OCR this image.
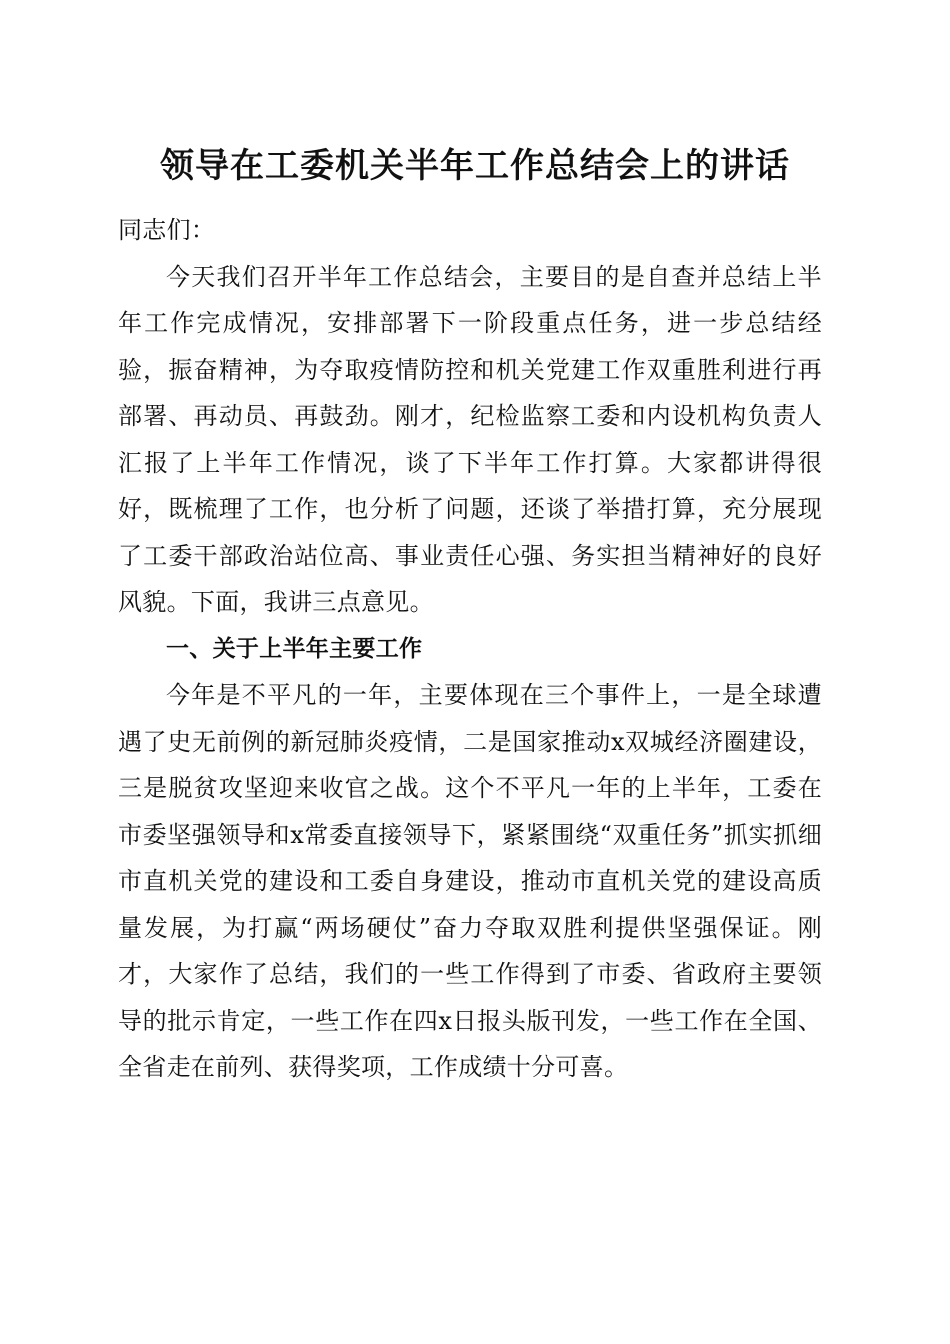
领导在工委机关半年工作总结会上的讲话

同志们：

今天我们召开半年工作总结会，主要目的是自查并总结上半年工作完成情况，安排部署下一阶段重点任务，进一步总结经验，振奋精神，为夺取疫情防控和机关党建工作双重胜利进行再部署、再动员、再鼓劲。刚才，纪检监察工委和内设机构负责人汇报了上半年工作情况，谈了下半年工作打算。大家都讲得很好，既梳理了工作，也分析了问题，还谈了举措打算，充分展现了工委干部政治站位高、事业责任心强、务实担当精神好的良好风貌。下面，我讲三点意见。

一、关于上半年主要工作

今年是不平凡的一年，主要体现在三个事件上，一是全球遭遇了史无前例的新冠肺炎疫情，二是国家推动x双城经济圈建设，三是脱贫攻坚迎来收官之战。这个不平凡一年的上半年，工委在市委坚强领导和x常委直接领导下，紧紧围绕“双重任务”抓实抓细市直机关党的建设和工委自身建设，推动市直机关党的建设高质量发展，为打赢“两场硬仗”奋力夺取双胜利提供坚强保证。刚才，大家作了总结，我们的一些工作得到了市委、省政府主要领导的批示肯定，一些工作在四x日报头版刊发，一些工作在全国、全省走在前列、获得奖项，工作成绩十分可喜。
